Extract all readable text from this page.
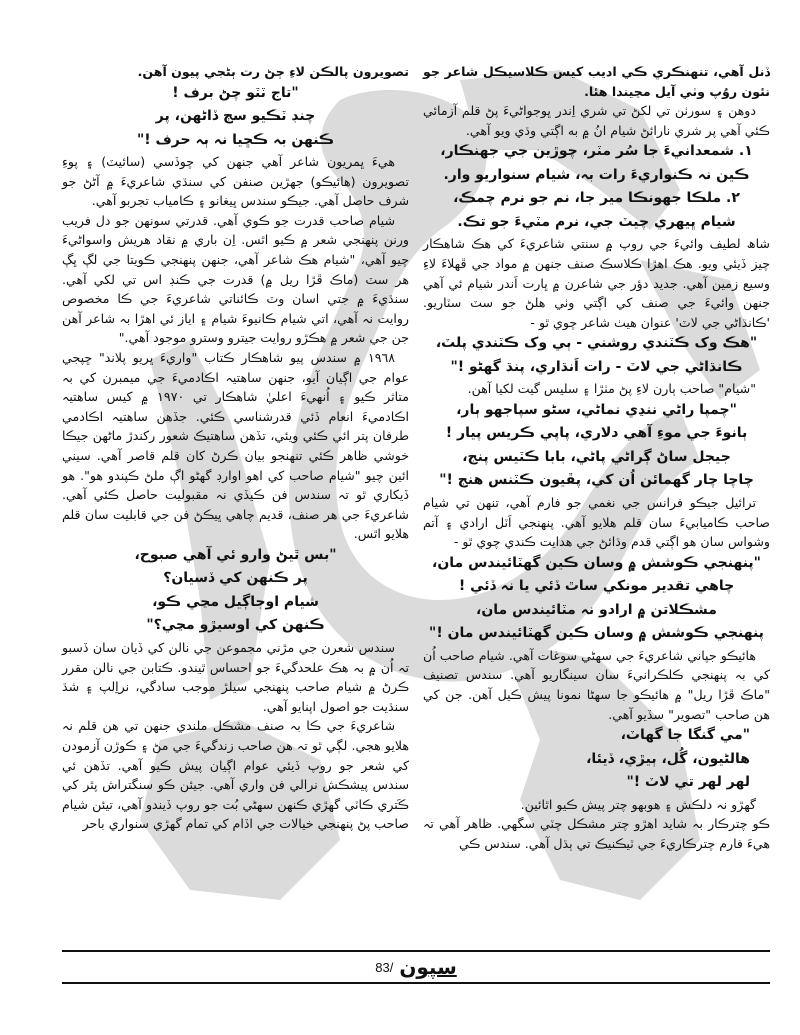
ڏنل آهي، تنھنڪري ڪي اديب کيس ڪلاسيڪل شاعر جو نئون روُپ وٺي آيل مڃيندا هئا.

دوھن ۽ سورٺن تي لکڻ تي شري اِندر ڀوجواڻيءَ پڻ قلم آزمائي ڪئي آهي پر شري نارائڻ شيام انُ ۾ به اڳتي وڌي ويو آهي.

١. شمعدانيءَ جا سُر مٽر، چوڙين جي جھنڪار،
ڪين نہ ڪنواريءَ رات بہ، شيام سنواريو وار.
٢. ملڪا جھونڪا مير جا، نم جو نرم چمڪ،
شيام ڀيھري چيٽ جي، نرم مٽيءَ جو تڪ.

شاھ لطيف وائيءَ جي روپ ۾ سنتي شاعريءَ کي هڪ شاهڪار چيز ڏيئي ويو. هڪ اهڙا ڪلاسڪ صنف جنھن ۾ مواد جي ڦهلاءَ لاءِ وسيع زمين آهي. جديد دؤر جي شاعرن ۾ ڀارت اَندر شيام ئي آهي جنھن وائيءَ جي صنف کي اڳتي وٺي هلڻ جو سٽ سٽاريو. 'ڪانڌاڻي جي لاٽ' عنوان هيٺ شاعر چوي ٿو -

"هڪ وک ڪٽندي روشني - ٻي وک ڪٽندي پلٽ،
ڪانڌاڻي جي لاٽ - رات اَنڌاري، پنڌ گھڻو !"

"شيام" صاحب ٻارن لاءِ پڻ مٺڙا ۽ سليس گيت لکيا آهن.

"چمپا راڻي ننڍي نماڻي، سڻو سپاجھو ٻار،
ٻانوءَ جي موءِ آهي دلاري، پاپي ڪريس پيار !
جيجل ساڻ ڳراڻي پاڻي، بابا ڪٽيس پنج،
چاچا چار گھمائن اُن کي، پڦيون ڪٽنس هنج !"

ترائيل جيڪو فرانس جي نغمي جو فارم آهي، تنھن تي شيام صاحب ڪاميابيءَ سان قلم هلايو آهي. پنھنجي اَٽل ارادي ۽ آتم وشواس سان هو اڳتي قدم وڌائڻ جي هدايت ڪندي چوي ٿو -

"پنھنجي ڪوشش ۾ وسان ڪين گھٽائيندس مان،
چاهي تقدير مونکي ساٿ ڏئي يا نہ ڏئي !
مشڪلاتن ۾ ارادو نہ مٽائيندس مان،
پنھنجي ڪوشش ۾ وسان ڪين گھٽائيندس مان !"

هائيڪو جپاني شاعريءَ جي سهڻي سوغات آهي. شيام صاحب اُن کي بہ پنھنجي ڪلڪرانيءَ سان سينگاريو آهي. سندس تصنيف "ماڪ ڦڙا ريل" ۾ هائيڪو جا سهڻا نمونا پيش ڪيل آهن. جن کي هن صاحب "تصوير" سڏيو آهي.

"مي گنگا جا گھاٽ،
هالڻيون، گُل، ٻيڙي، ڏيئا،
لھر لھر تي لاٽ !"

گھڙو نہ دلڪش ۽ هوبھو چتر پيش ڪيو اٿائين.

ڪو چترڪار بہ شايد اهڙو چتر مشڪل چٽي سگھي. ظاهر آهي تہ هيءَ فارم چترڪاريءَ جي ٽيڪنيڪ تي ٻڌل آهي. سندس ڪي

تصويرون پالڪن لاءِ ڄڻ رت ٻڻجي پيون آهن.

"تاج ٽٽو چڻ برف !
چنڊ ٽڪيو سڄ ڏاڻھن، پر
ڪنھن بہ ڪڇيا نہ ٻہ حرف !"

هيءَ ڀمريون شاعر آهي جنھن کي چوڏسي (سائيٽ) ۽ پوءِ تصويرون (هائيڪو) جھڙين صنفن کي سنڌي شاعريءَ ۾ آڻڻ جو شرف حاصل آهي. جيڪو سندس ڀيغانو ۽ ڪامياب تجربو آهي.

شيام صاحب قدرت جو ڪوي آهي. قدرتي سونھن جو دل فريب ورنن پنھنجي شعر ۾ ڪيو اٿس. اِن باري ۾ نقاد هريش واسواڻيءَ چيو آهي، "شيام هڪ شاعر آهي، جنھن پنھنجي ڪويتا جي لڳ ڀڳ هر سٽ (ماڪ ڦڙا ريل ۾) قدرت جي ڪنڊ اس تي لکي آهي. سنڌيءَ ۾ جتي اسان وٽ ڪائناتي شاعريءَ جي ڪا مخصوص روايت نہ آهي، اتي شيام ڪانيوءَ شيام ۽ اياز ئي اهڙا بہ شاعر آهن جن جي شعر ۾ هڪڙو روايت جيترو وسترو موجود آهي."

١٩٦٨ ۾ سندس پيو شاهڪار ڪتاب "واريءَ ڀريو پلاند" ڇپجي عوام جي اڳيان آيو، جنھن ساهتيہ اڪادميءَ جي ميمبرن کي بہ متاثر ڪيو ۽ اُنھيءَ اعليٰ شاهڪار تي ١٩٧٠ ۾ کيس ساهتيہ اڪادميءَ انعام ڏئي قدرشناسي ڪئي. جڏھن ساهتيہ اڪادمي طرفان پتر ائي ڪئي ويئي، تڏھن ساهتيڪ شعور رکندڙ ماڻھن جيڪا خوشي ظاهر ڪئي تنھنجو بيان ڪرڻ کان قلم قاصر آهي. سيني ائين چيو "شيام صاحب کي اهو اوارڊ گھڻو اڳ ملڻ ڪپندو هو". هو ڏيکاري ٿو تہ سندس فن ڪيڏي نہ مقبوليت حاصل ڪئي آهي. شاعريءَ جي هر صنف، قديم چاهي ڀيڪڻ فن جي قابليت سان قلم هلايو اٿس.

"بس ٿيڻ وارو ئي آهي صبوح،
پر ڪنھن کي ڏسيان؟
شيام اوجاڳيل مڃي ڪو،
ڪنھن کي اوسيڙو مڃي؟"

سندس شعرن جي مڙني مجموعن جي نالن کي ڏيان سان ڏسبو تہ اُن ۾ بہ هڪ علحدگيءَ جو احساس ٿيندو. ڪتابن جي نالن مقرر ڪرڻ ۾ شيام صاحب پنھنجي سيلڙ موجب سادگي، نراِلپ ۽ شڌ سنڌيت جو اصول اپنايو آهي.

شاعريءَ جي ڪا بہ صنف مشڪل ملندي جنھن تي هن قلم نہ هلايو هجي. لڳي ٿو تہ هن صاحب زندگيءَ جي مڻ ۽ ڪوڙن آزمودن کي شعر جو روپ ڏيئي عوام اڳيان پيش ڪيو آهي. تڏھن ئي سندس پيشڪش نرالي فن واري آهي. جيئن ڪو سنگتراش پٿر کي ڪَتري ڪاٽي گھڙي ڪنھن سهڻي بُت جو روپ ڏيندو آهي، تيئن شيام صاحب پڻ پنھنجي خيالات جي اڏام کي تمام گھڙي سنواري باحر

83/ سپون
